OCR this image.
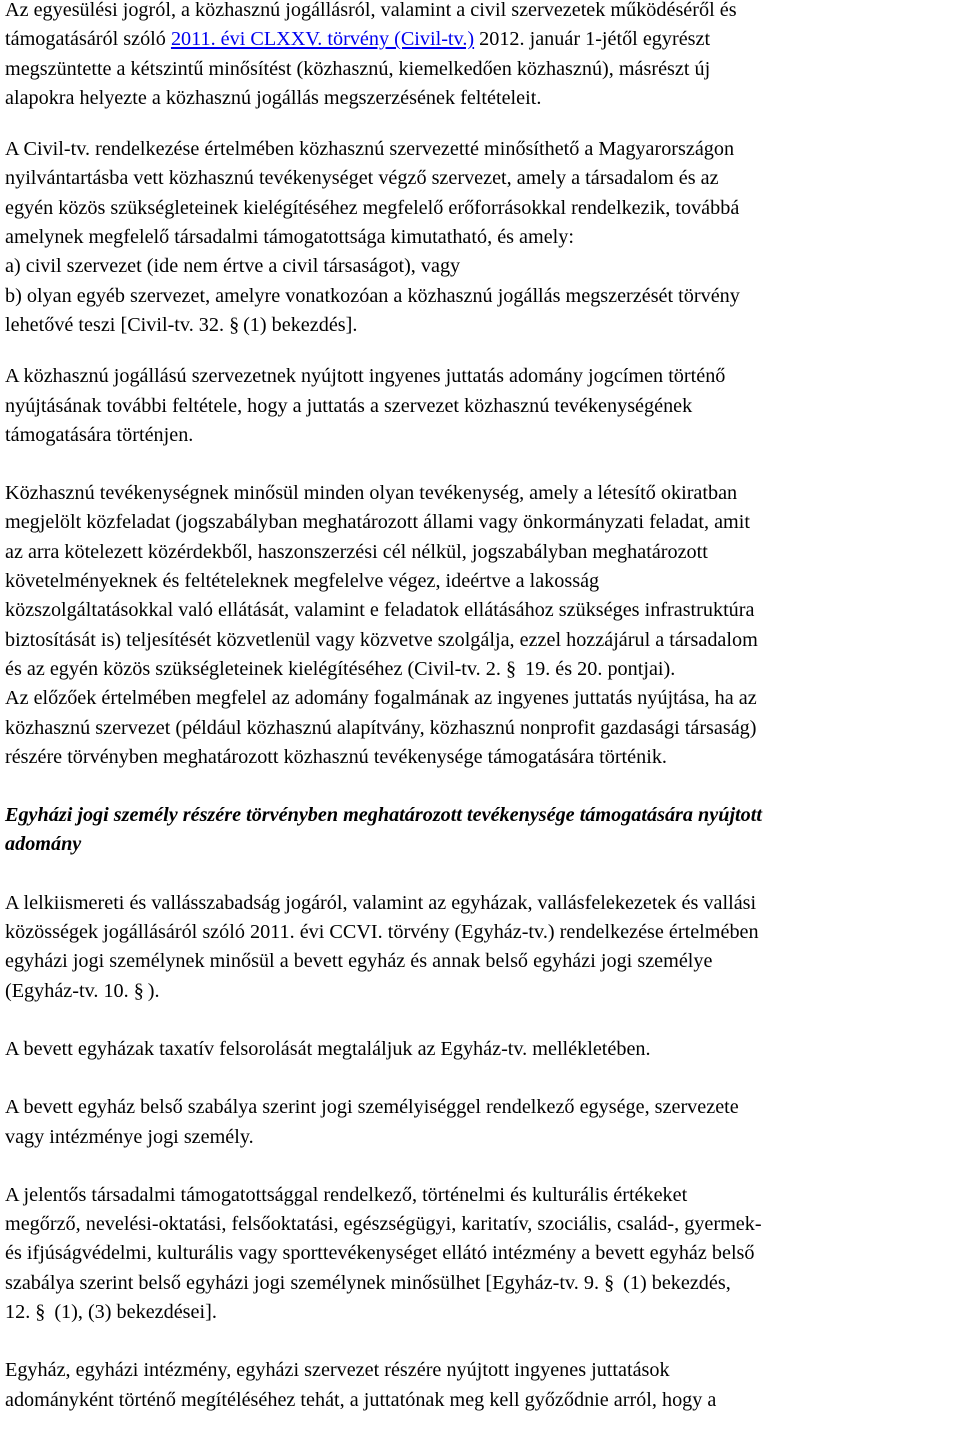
Az egyesülési jogról, a közhasznú jogállásról, valamint a civil szervezetek működéséről és
támogatásáról szóló 2011. évi CLXXV. törvény (Civil-tv.) 2012. január 1-jétől egyrészt
megszüntette a kétszintű minősítést (közhasznú, kiemelkedően közhasznú), másrészt új
alapokra helyezte a közhasznú jogállás megszerzésének feltételeit.

A Civil-tv. rendelkezése értelmében közhasznú szervezetté minősíthető a Magyarországon
nyilvántartásba vett közhasznú tevékenységet végző szervezet, amely a társadalom és az
egyén közös szükségleteinek kielégítéséhez megfelelő erőforrásokkal rendelkezik, továbbá
amelynek megfelelő társadalmi támogatottsága kimutatható, és amely:
a) civil szervezet (ide nem értve a civil társaságot), vagy
b) olyan egyéb szervezet, amelyre vonatkozóan a közhasznú jogállás megszerzését törvény
lehetővé teszi [Civil-tv. 32. § (1) bekezdés].

A közhasznú jogállású szervezetnek nyújtott ingyenes juttatás adomány jogcímen történő
nyújtásának további feltétele, hogy a juttatás a szervezet közhasznú tevékenységének
támogatására történjen.

Közhasznú tevékenységnek minősül minden olyan tevékenység, amely a létesítő okiratban
megjelölt közfeladat (jogszabályban meghatározott állami vagy önkormányzati feladat, amit
az arra kötelezett közérdekből, haszonszerzési cél nélkül, jogszabályban meghatározott
követelményeknek és feltételeknek megfelelve végez, ideértve a lakosság
közszolgáltatásokkal való ellátását, valamint e feladatok ellátásához szükséges infrastruktúra
biztosítását is) teljesítését közvetlenül vagy közvetve szolgálja, ezzel hozzájárul a társadalom
és az egyén közös szükségleteinek kielégítéséhez (Civil-tv. 2. § 19. és 20. pontjai).
Az előzőek értelmében megfelel az adomány fogalmának az ingyenes juttatás nyújtása, ha az
közhasznú szervezet (például közhasznú alapítvány, közhasznú nonprofit gazdasági társaság)
részére törvényben meghatározott közhasznú tevékenysége támogatására történik.

Egyházi jogi személy részére törvényben meghatározott tevékenysége támogatására nyújtott
adomány

A lelkiismereti és vallásszabadság jogáról, valamint az egyházak, vallásfelekezetek és vallási
közösségek jogállásáról szóló 2011. évi CCVI. törvény (Egyház-tv.) rendelkezése értelmében
egyházi jogi személynek minősül a bevett egyház és annak belső egyházi jogi személye
(Egyház-tv. 10. § ).

A bevett egyházak taxatív felsorolását megtaláljuk az Egyház-tv. mellékletében.

A bevett egyház belső szabálya szerint jogi személyiséggel rendelkező egysége, szervezete
vagy intézménye jogi személy.

A jelentős társadalmi támogatottsággal rendelkező, történelmi és kulturális értékeket
megőrző, nevelési-oktatási, felsőoktatási, egészségügyi, karitatív, szociális, család-, gyermek-
és ifjúságvédelmi, kulturális vagy sporttevékenységet ellátó intézmény a bevett egyház belső
szabálya szerint belső egyházi jogi személynek minősülhet [Egyház-tv. 9. § (1) bekezdés,
12. § (1), (3) bekezdései].

Egyház, egyházi intézmény, egyházi szervezet részére nyújtott ingyenes juttatások
adományként történő megítéléséhez tehát, a juttatónak meg kell győződnie arról, hogy a
